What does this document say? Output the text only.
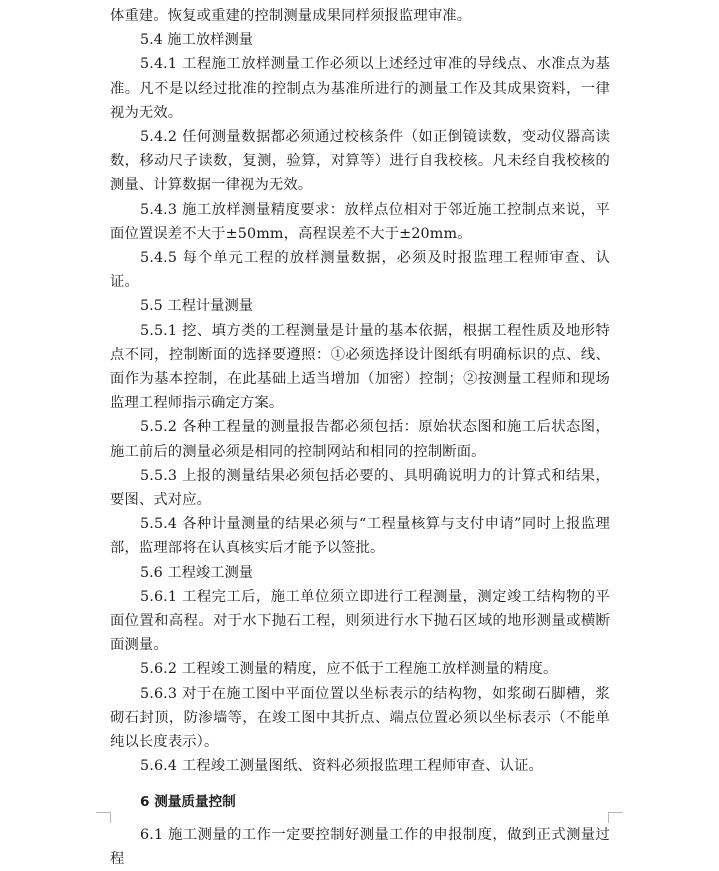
体重建。恢复或重建的控制测量成果同样须报监理审准。

5.4 施工放样测量

5.4.1 工程施工放样测量工作必须以上述经过审准的导线点、水准点为基准。凡不是以经过批准的控制点为基准所进行的测量工作及其成果资料，一律视为无效。

5.4.2 任何测量数据都必须通过校核条件（如正倒镜读数，变动仪器高读数，移动尺子读数，复测，验算，对算等）进行自我校核。凡未经自我校核的测量、计算数据一律视为无效。

5.4.3 施工放样测量精度要求：放样点位相对于邻近施工控制点来说，平面位置误差不大于±50mm，高程误差不大于±20mm。

5.4.5 每个单元工程的放样测量数据，必须及时报监理工程师审查、认证。

5.5 工程计量测量

5.5.1 挖、填方类的工程测量是计量的基本依据，根据工程性质及地形特点不同，控制断面的选择要遵照：①必须选择设计图纸有明确标识的点、线、面作为基本控制，在此基础上适当增加（加密）控制；②按测量工程师和现场监理工程师指示确定方案。

5.5.2 各种工程量的测量报告都必须包括：原始状态图和施工后状态图，施工前后的测量必须是相同的控制网站和相同的控制断面。

5.5.3 上报的测量结果必须包括必要的、具明确说明力的计算式和结果，要图、式对应。

5.5.4 各种计量测量的结果必须与“工程量核算与支付申请”同时上报监理部，监理部将在认真核实后才能予以签批。

5.6 工程竣工测量

5.6.1 工程完工后，施工单位须立即进行工程测量，测定竣工结构物的平面位置和高程。对于水下抛石工程，则须进行水下抛石区域的地形测量或横断面测量。

5.6.2 工程竣工测量的精度，应不低于工程施工放样测量的精度。

5.6.3 对于在施工图中平面位置以坐标表示的结构物，如浆砌石脚槽，浆砌石封顶，防渗墙等，在竣工图中其折点、端点位置必须以坐标表示（不能单纯以长度表示）。

5.6.4 工程竣工测量图纸、资料必须报监理工程师审查、认证。

6 测量质量控制

6.1 施工测量的工作一定要控制好测量工作的申报制度，做到正式测量过程
